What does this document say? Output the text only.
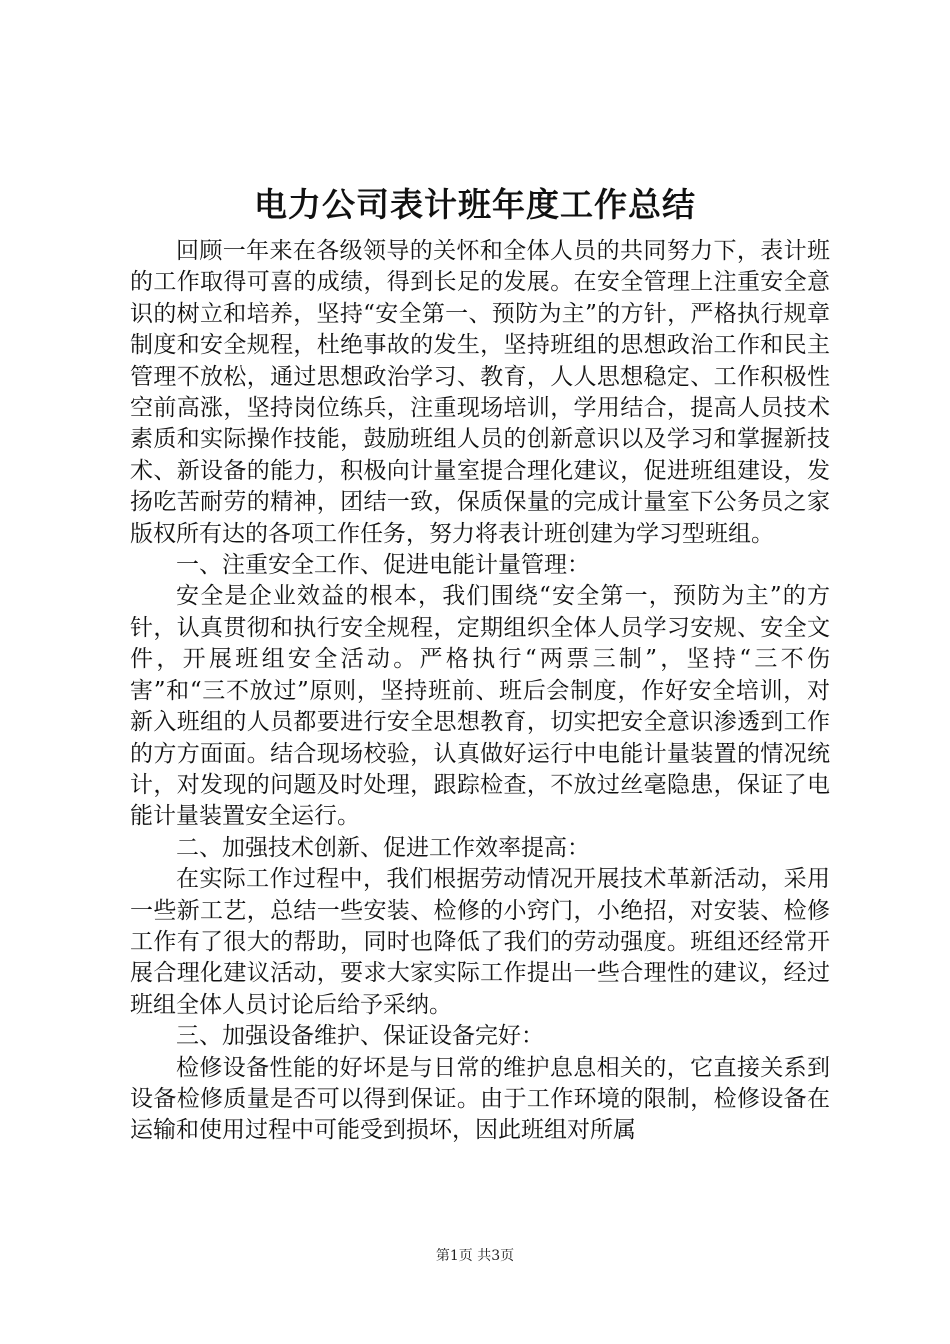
电力公司表计班年度工作总结

回顾一年来在各级领导的关怀和全体人员的共同努力下，表计班的工作取得可喜的成绩，得到长足的发展。在安全管理上注重安全意识的树立和培养，坚持“安全第一、预防为主”的方针，严格执行规章制度和安全规程，杜绝事故的发生，坚持班组的思想政治工作和民主管理不放松，通过思想政治学习、教育，人人思想稳定、工作积极性空前高涨，坚持岗位练兵，注重现场培训，学用结合，提高人员技术素质和实际操作技能，鼓励班组人员的创新意识以及学习和掌握新技术、新设备的能力，积极向计量室提合理化建议，促进班组建设，发扬吃苦耐劳的精神，团结一致，保质保量的完成计量室下公务员之家版权所有达的各项工作任务，努力将表计班创建为学习型班组。

一、注重安全工作、促进电能计量管理：

安全是企业效益的根本，我们围绕“安全第一，预防为主”的方针，认真贯彻和执行安全规程，定期组织全体人员学习安规、安全文件，开展班组安全活动。严格执行“两票三制”，坚持“三不伤害”和“三不放过”原则，坚持班前、班后会制度，作好安全培训，对新入班组的人员都要进行安全思想教育，切实把安全意识渗透到工作的方方面面。结合现场校验，认真做好运行中电能计量装置的情况统计，对发现的问题及时处理，跟踪检查，不放过丝毫隐患，保证了电能计量装置安全运行。

二、加强技术创新、促进工作效率提高：

在实际工作过程中，我们根据劳动情况开展技术革新活动，采用一些新工艺，总结一些安装、检修的小窍门，小绝招，对安装、检修工作有了很大的帮助，同时也降低了我们的劳动强度。班组还经常开展合理化建议活动，要求大家实际工作提出一些合理性的建议，经过班组全体人员讨论后给予采纳。

三、加强设备维护、保证设备完好：

检修设备性能的好坏是与日常的维护息息相关的，它直接关系到设备检修质量是否可以得到保证。由于工作环境的限制，检修设备在运输和使用过程中可能受到损坏，因此班组对所属

第1页 共3页
